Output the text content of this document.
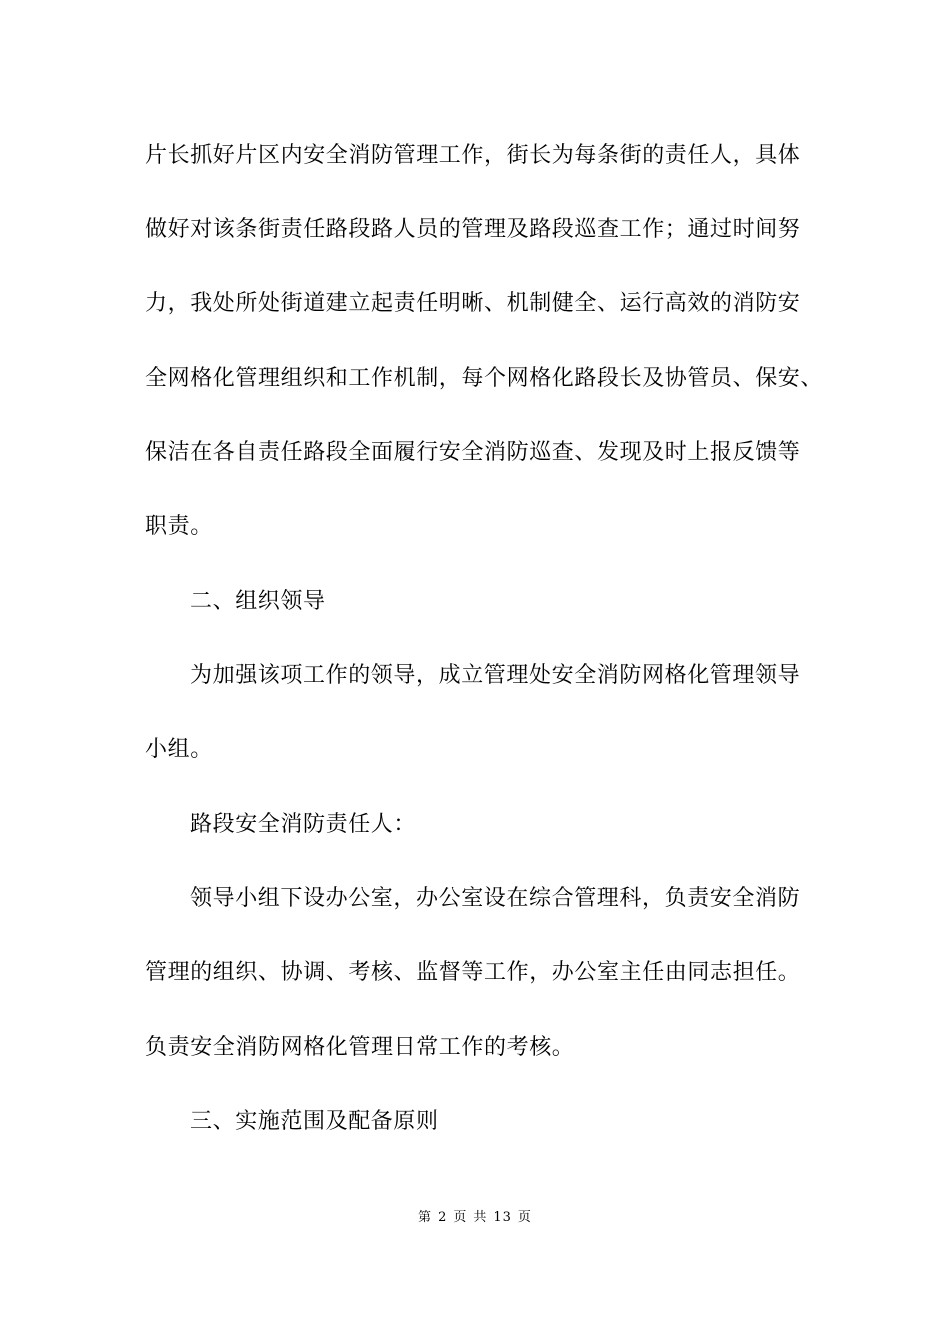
片长抓好片区内安全消防管理工作，街长为每条街的责任人，具体
做好对该条街责任路段路人员的管理及路段巡查工作；通过时间努
力，我处所处街道建立起责任明晰、机制健全、运行高效的消防安
全网格化管理组织和工作机制，每个网格化路段长及协管员、保安、
保洁在各自责任路段全面履行安全消防巡查、发现及时上报反馈等
职责。
二、组织领导
为加强该项工作的领导，成立管理处安全消防网格化管理领导
小组。
路段安全消防责任人：
领导小组下设办公室，办公室设在综合管理科，负责安全消防
管理的组织、协调、考核、监督等工作，办公室主任由同志担任。
负责安全消防网格化管理日常工作的考核。
三、实施范围及配备原则
第 2 页 共 13 页
